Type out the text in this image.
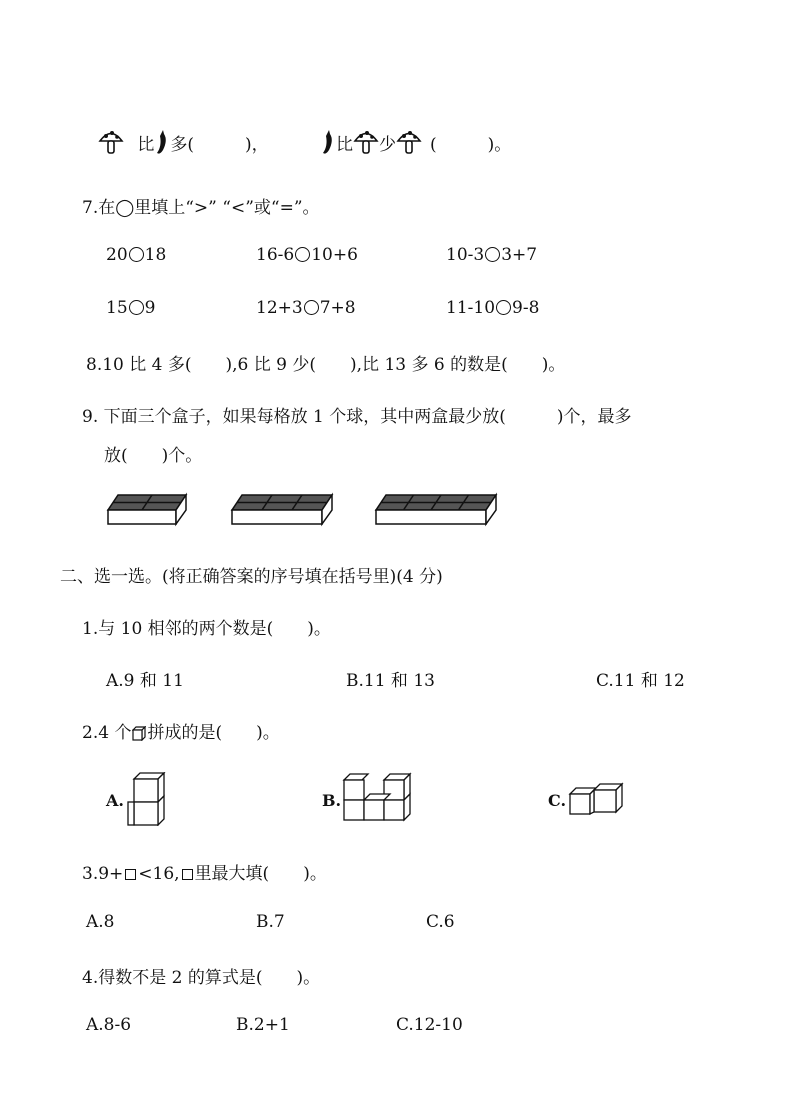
比 多(　　　)，	比 少 (　　　)。
7.在◯里填上“>” “<”或“=”。
20 18	16-6 10+6	10-3 3+7
15 9	12+3 7+8	11-10 9-8
8.10 比 4 多(　　),6 比 9 少(　　),比 13 多 6 的数是(　　)。
9. 下面三个盒子，如果每格放 1 个球，其中两盒最少放(　　　)个，最多
放(　　)个。
二、选一选。(将正确答案的序号填在括号里)(4 分)
1.与 10 相邻的两个数是(　　)。
A.9 和 11	B.11 和 13	C.11 和 12
2.4 个 拼成的是(　　)。
A.	B.	C.
3.9+ <16, 里最大填(　　)。
A.8	B.7	C.6
4.得数不是 2 的算式是(　　)。
A.8-6	B.2+1	C.12-10
